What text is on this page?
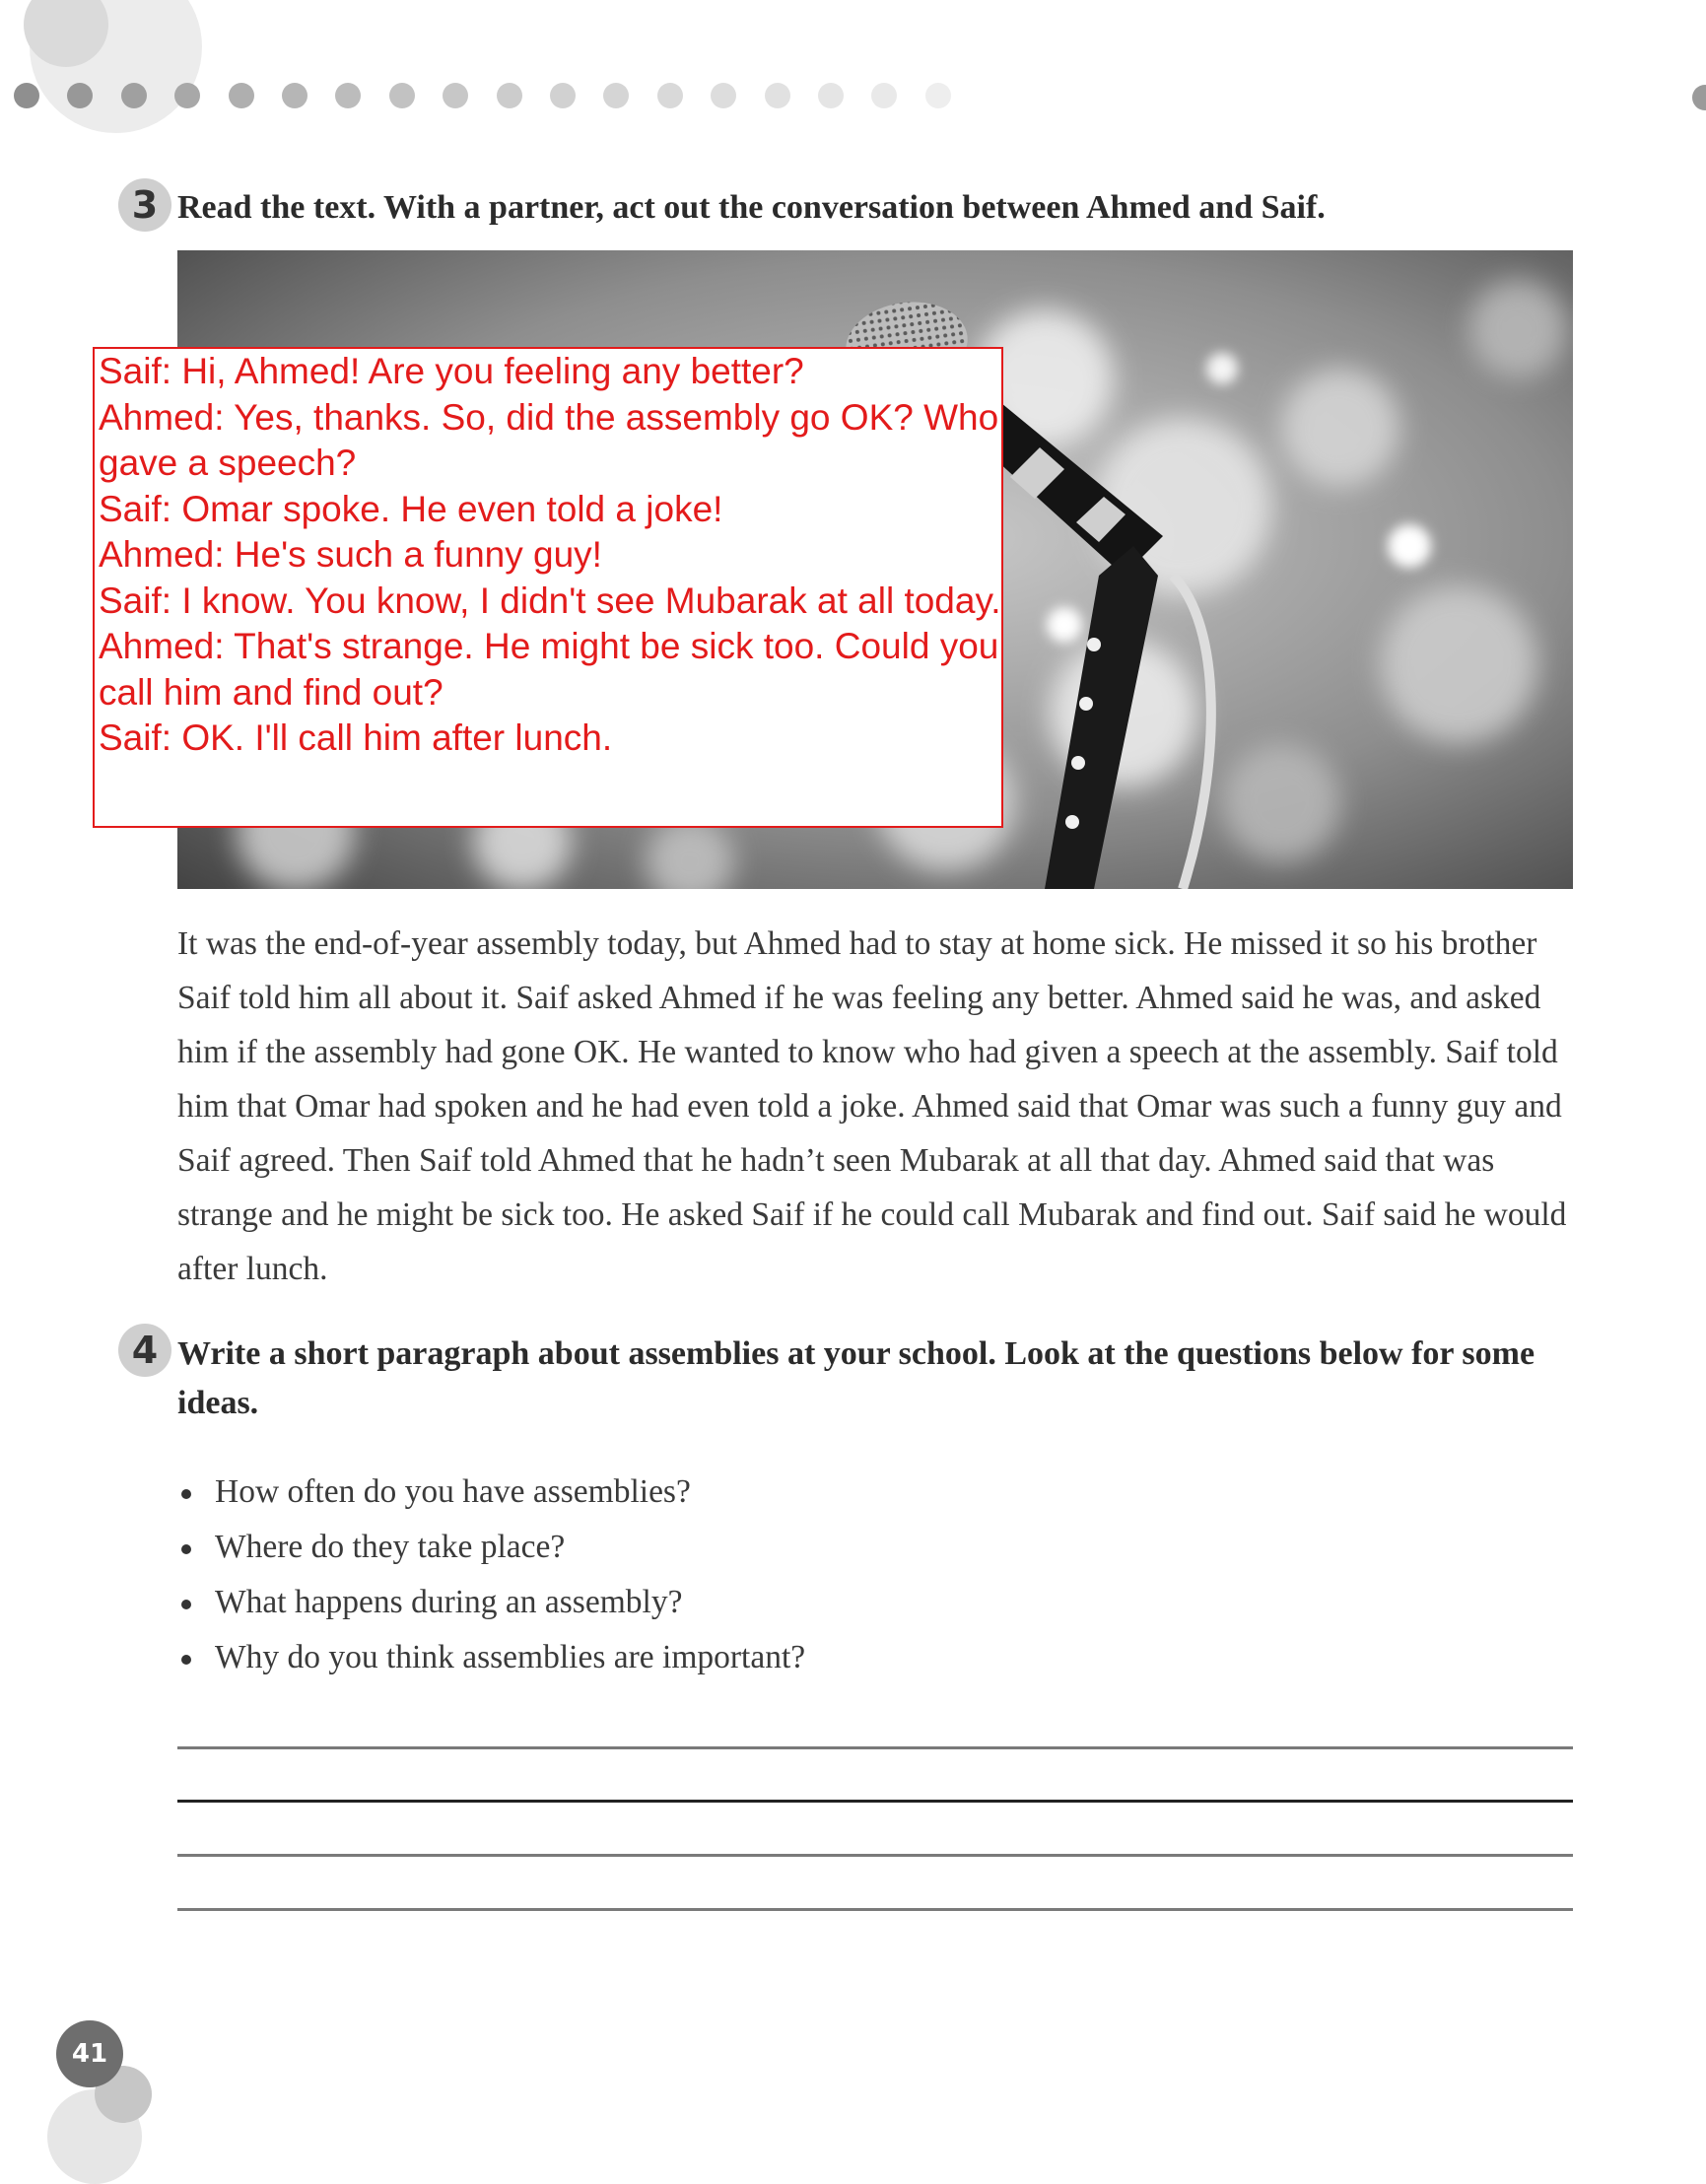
3 Read the text. With a partner, act out the conversation between Ahmed and Saif.

Saif: Hi, Ahmed! Are you feeling any better?

Ahmed: Yes, thanks. So, did the assembly go OK? Who gave a speech?

Saif: Omar spoke. He even told a joke!

Ahmed: He's such a funny guy!

Saif: I know. You know, I didn't see Mubarak at all today.

Ahmed: That's strange. He might be sick too. Could you call him and find out?

Saif: OK. I'll call him after lunch.

It was the end-of-year assembly today, but Ahmed had to stay at home sick. He missed it so his brother Saif told him all about it. Saif asked Ahmed if he was feeling any better. Ahmed said he was, and asked him if the assembly had gone OK. He wanted to know who had given a speech at the assembly. Saif told him that Omar had spoken and he had even told a joke. Ahmed said that Omar was such a funny guy and Saif agreed. Then Saif told Ahmed that he hadn’t seen Mubarak at all that day. Ahmed said that was strange and he might be sick too. He asked Saif if he could call Mubarak and find out. Saif said he would after lunch.

4 Write a short paragraph about assemblies at your school. Look at the questions below for some ideas.
How often do you have assemblies?
Where do they take place?
What happens during an assembly?
Why do you think assemblies are important?
41
